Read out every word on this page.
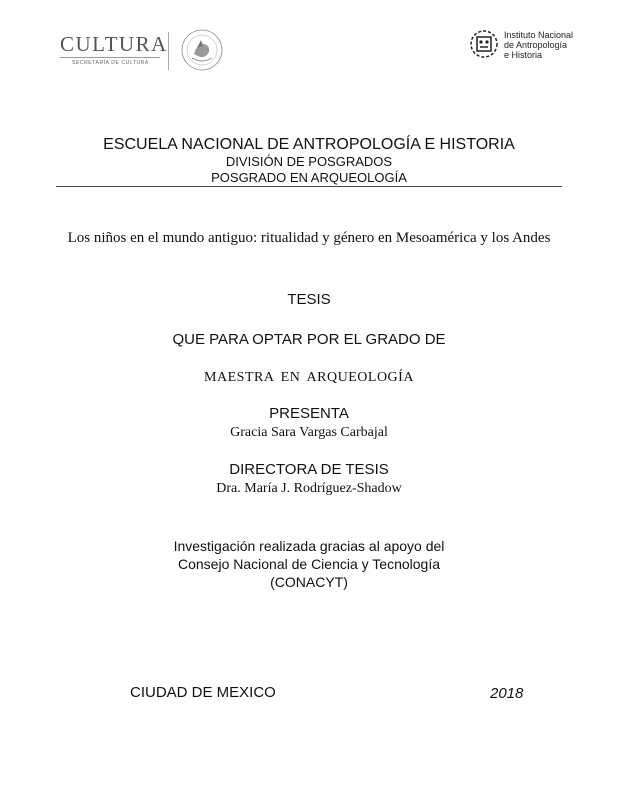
CULTURA
SECRETARÍA DE CULTURA
Instituto Nacional
de Antropología
e Historia
ESCUELA NACIONAL DE ANTROPOLOGÍA E HISTORIA
DIVISIÓN DE POSGRADOS
POSGRADO EN ARQUEOLOGÍA
Los niños en el mundo antiguo: ritualidad y género en Mesoamérica y los Andes
TESIS
QUE PARA OPTAR POR EL GRADO DE
MAESTRA EN ARQUEOLOGÍA
PRESENTA
Gracia Sara Vargas Carbajal
DIRECTORA DE TESIS
Dra. María J. Rodríguez-Shadow
Investigación realizada gracias al apoyo del
Consejo Nacional de Ciencia y Tecnología
(CONACYT)
CIUDAD DE MEXICO	2018
